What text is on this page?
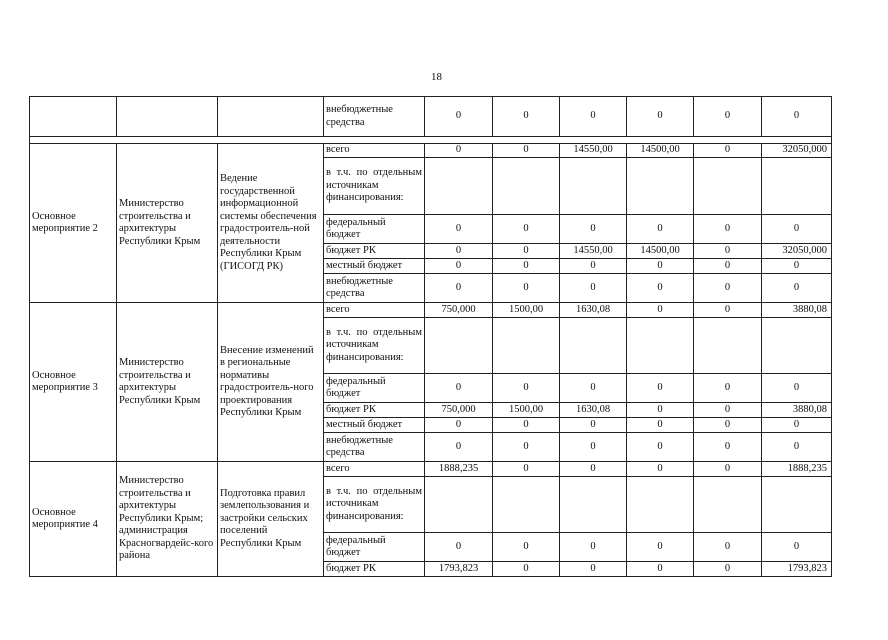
18
			внебюджетные средства	0	0	0	0	0	0

Основное мероприятие 2	Министерство строительства и архитектуры Республики Крым	Ведение государственной информационной системы обеспечения градостроитель-ной деятельности Республики Крым (ГИСОГД РК)	всего	0	0	14550,00	14500,00	0	32050,000
			в т.ч. по отдельным источникам финансирования:						
			федеральный бюджет	0	0	0	0	0	0
			бюджет РК	0	0	14550,00	14500,00	0	32050,000
			местный бюджет	0	0	0	0	0	0
			внебюджетные средства	0	0	0	0	0	0
Основное мероприятие 3	Министерство строительства и архитектуры Республики Крым	Внесение изменений в региональные нормативы градостроитель-ного проектирования Республики Крым	всего	750,000	1500,00	1630,08	0	0	3880,08
			в т.ч. по отдельным источникам финансирования:						
			федеральный бюджет	0	0	0	0	0	0
			бюджет РК	750,000	1500,00	1630,08	0	0	3880,08
			местный бюджет	0	0	0	0	0	0
			внебюджетные средства	0	0	0	0	0	0
Основное мероприятие 4	Министерство строительства и архитектуры Республики Крым; администрация Красногвардейс-кого района	Подготовка правил землепользования и застройки сельских поселений Республики Крым	всего	1888,235	0	0	0	0	1888,235
			в т.ч. по отдельным источникам финансирования:						
			федеральный бюджет	0	0	0	0	0	0
			бюджет РК	1793,823	0	0	0	0	1793,823
